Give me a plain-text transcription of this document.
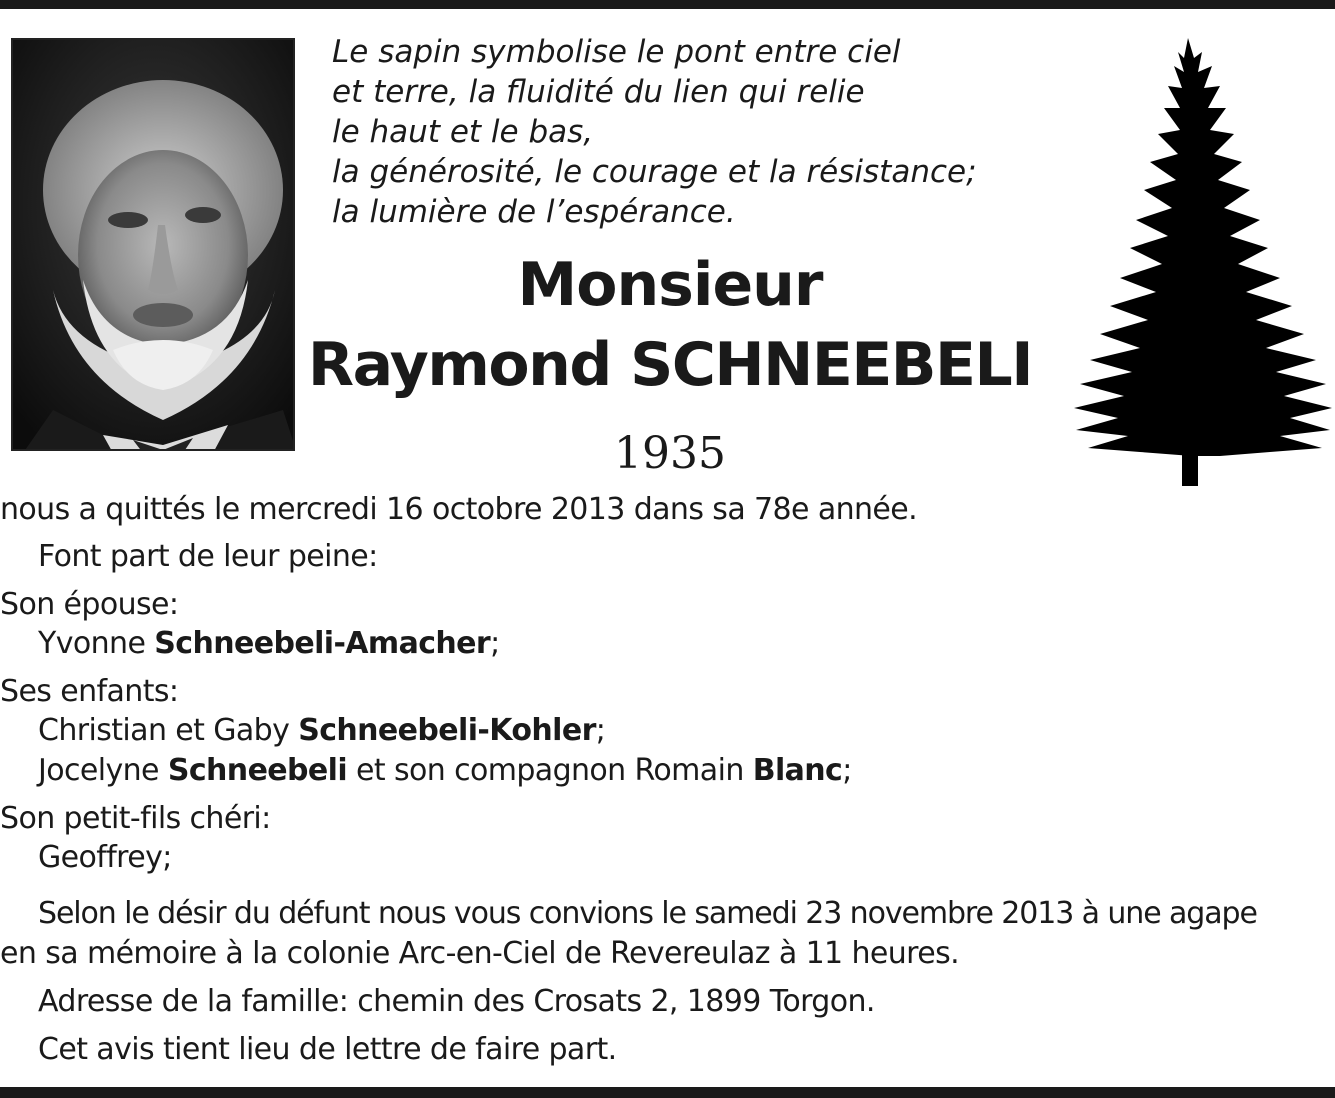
Le sapin symbolise le pont entre ciel
et terre, la fluidité du lien qui relie
le haut et le bas,
la générosité, le courage et la résistance;
la lumière de l’espérance.
Monsieur
Raymond SCHNEEBELI
1935
nous a quittés le mercredi 16 octobre 2013 dans sa 78e année.
Font part de leur peine:
Son épouse:
Yvonne Schneebeli-Amacher;
Ses enfants:
Christian et Gaby Schneebeli-Kohler;
Jocelyne Schneebeli et son compagnon Romain Blanc;
Son petit-fils chéri:
Geoffrey;
Selon le désir du défunt nous vous convions le samedi 23 novembre 2013 à une agape
en sa mémoire à la colonie Arc-en-Ciel de Revereulaz à 11 heures.
Adresse de la famille: chemin des Crosats 2, 1899 Torgon.
Cet avis tient lieu de lettre de faire part.
